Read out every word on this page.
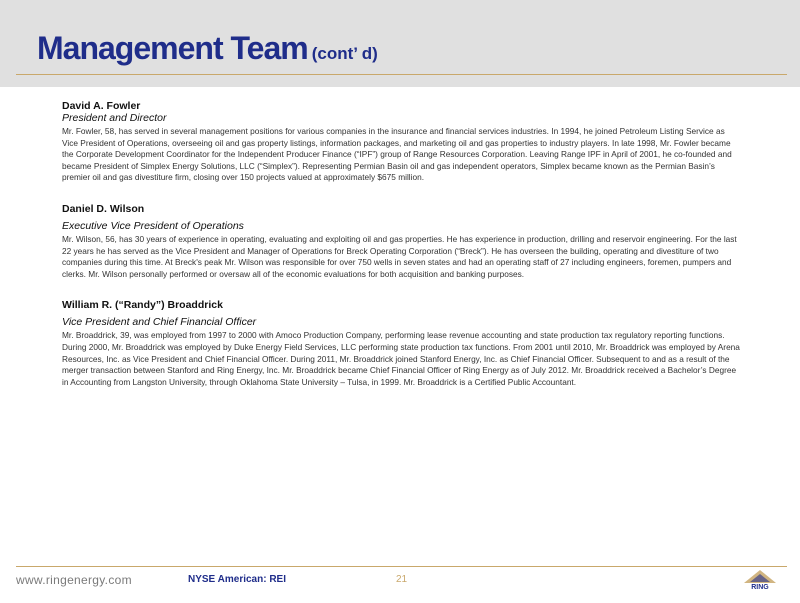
Management Team (cont’ d)
David A. Fowler
President and Director
Mr. Fowler, 58, has served in several management positions for various companies in the insurance and financial services industries. In 1994, he joined Petroleum Listing Service as Vice President of Operations, overseeing oil and gas property listings, information packages, and marketing oil and gas properties to industry players. In late 1998, Mr. Fowler became the Corporate Development Coordinator for the Independent Producer Finance (“IPF”) group of Range Resources Corporation. Leaving Range IPF in April of 2001, he co-founded and became President of Simplex Energy Solutions, LLC (“Simplex”). Representing Permian Basin oil and gas independent operators, Simplex became known as the Permian Basin’s premier oil and gas divestiture firm, closing over 150 projects valued at approximately $675 million.
Daniel D. Wilson
Executive Vice President of Operations
Mr. Wilson, 56, has 30 years of experience in operating, evaluating and exploiting oil and gas properties. He has experience in production, drilling and reservoir engineering. For the last 22 years he has served as the Vice President and Manager of Operations for Breck Operating Corporation (“Breck”). He has overseen the building, operating and divestiture of two companies during this time. At Breck's peak Mr. Wilson was responsible for over 750 wells in seven states and had an operating staff of 27 including engineers, foremen, pumpers and clerks. Mr. Wilson personally performed or oversaw all of the economic evaluations for both acquisition and banking purposes.
William R. (“Randy”) Broaddrick
Vice President and Chief Financial Officer
Mr. Broaddrick, 39, was employed from 1997 to 2000 with Amoco Production Company, performing lease revenue accounting and state production tax regulatory reporting functions. During 2000, Mr. Broaddrick was employed by Duke Energy Field Services, LLC performing state production tax functions. From 2001 until 2010, Mr. Broaddrick was employed by Arena Resources, Inc. as Vice President and Chief Financial Officer. During 2011, Mr. Broaddrick joined Stanford Energy, Inc. as Chief Financial Officer. Subsequent to and as a result of the merger transaction between Stanford and Ring Energy, Inc. Mr. Broaddrick became Chief Financial Officer of Ring Energy as of July 2012. Mr. Broaddrick received a Bachelor’s Degree in Accounting from Langston University, through Oklahoma State University – Tulsa, in 1999. Mr. Broaddrick is a Certified Public Accountant.
www.ringenergy.com	NYSE American: REI	21
RING
